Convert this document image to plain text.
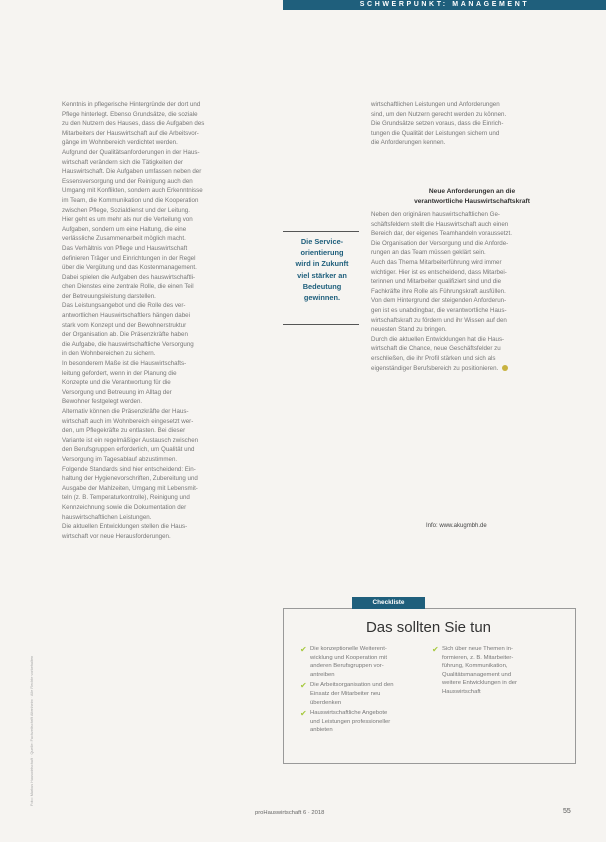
SCHWERPUNKT: MANAGEMENT

Kenntnis in pflegerische Hintergründe der dort und
Pflege hinterlegt. Ebenso Grundsätze, die soziale
zu den Nutzern des Hauses, dass die Aufgaben des
Mitarbeiters der Hauswirtschaft auf die Arbeitsvor-
gänge im Wohnbereich verdichtet werden.

Aufgrund der Qualitätsanforderungen in der Haus-
wirtschaft verändern sich die Tätigkeiten der
Hauswirtschaft. Die Aufgaben umfassen neben der
Essensversorgung und der Reinigung auch den
Umgang mit Konflikten, sondern auch Erkenntnisse
im Team, die Kommunikation und die Kooperation
zwischen Pflege, Sozialdienst und der Leitung.
Hier geht es um mehr als nur die Verteilung von
Aufgaben, sondern um eine Haltung, die eine
verlässliche Zusammenarbeit möglich macht.

Das Verhältnis von Pflege und Hauswirtschaft
definieren Träger und Einrichtungen in der Regel
über die Vergütung und das Kostenmanagement.
Dabei spielen die Aufgaben des hauswirtschaftli-
chen Dienstes eine zentrale Rolle, die einen Teil
der Betreuungsleistung darstellen.

Das Leistungsangebot und die Rolle des ver-
antwortlichen Hauswirtschaftlers hängen dabei
stark vom Konzept und der Bewohnerstruktur
der Organisation ab. Die Präsenzkräfte haben
die Aufgabe, die hauswirtschaftliche Versorgung
in den Wohnbereichen zu sichern.

In besonderem Maße ist die Hauswirtschafts-
leitung gefordert, wenn in der Planung die
Konzepte und die Verantwortung für die
Versorgung und Betreuung im Alltag der
Bewohner festgelegt werden.

Alternativ können die Präsenzkräfte der Haus-
wirtschaft auch im Wohnbereich eingesetzt wer-
den, um Pflegekräfte zu entlasten. Bei dieser
Variante ist ein regelmäßiger Austausch zwischen
den Berufsgruppen erforderlich, um Qualität und
Versorgung im Tagesablauf abzustimmen.

Folgende Standards sind hier entscheidend: Ein-
haltung der Hygienevorschriften, Zubereitung und
Ausgabe der Mahlzeiten, Umgang mit Lebensmit-
teln (z. B. Temperaturkontrolle), Reinigung und
Kennzeichnung sowie die Dokumentation der
hauswirtschaftlichen Leistungen.

Die aktuellen Entwicklungen stellen die Haus-
wirtschaft vor neue Herausforderungen.

Die Service-
orientierung
wird in Zukunft
viel stärker an
Bedeutung
gewinnen.

wirtschaftlichen Leistungen und Anforderungen
sind, um den Nutzern gerecht werden zu können.

Die Grundsätze setzen voraus, dass die Einrich-
tungen die Qualität der Leistungen sichern und
die Anforderungen kennen.

Neue Anforderungen an die
verantwortliche Hauswirtschaftskraft

Neben den originären hauswirtschaftlichen Ge-
schäftsfeldern stellt die Hauswirtschaft auch einen
Bereich dar, der eigenes Teamhandeln voraussetzt.
Die Organisation der Versorgung und die Anforde-
rungen an das Team müssen geklärt sein.

Auch das Thema Mitarbeiterführung wird immer
wichtiger. Hier ist es entscheidend, dass Mitarbei-
terinnen und Mitarbeiter qualifiziert sind und die
Fachkräfte ihre Rolle als Führungskraft ausfüllen.

Von dem Hintergrund der steigenden Anforderun-
gen ist es unabdingbar, die verantwortliche Haus-
wirtschaftskraft zu fördern und ihr Wissen auf den
neuesten Stand zu bringen.

Durch die aktuellen Entwicklungen hat die Haus-
wirtschaft die Chance, neue Geschäftsfelder zu
erschließen, die ihr Profil stärken und sich als
eigenständiger Berufsbereich zu positionieren.

Info: www.akugmbh.de
Foto: Markus Hauswirtschaft · Quelle: Fachzeitschrift Altenheim · Alle Rechte vorbehalten
Checkliste
Das sollten Sie tun
✔ Die konzeptionelle Weiterent-
wicklung und Kooperation mit
anderen Berufsgruppen vor-
antreiben
✔ Die Arbeitsorganisation und den
Einsatz der Mitarbeiter neu
überdenken
✔ Hauswirtschaftliche Angebote
und Leistungen professioneller
anbieten
✔ Sich über neue Themen in-
formieren, z. B. Mitarbeiter-
führung, Kommunikation,
Qualitätsmanagement und
weitere Entwicklungen in der
Hauswirtschaft
proHauswirtschaft 6 · 2018	55
